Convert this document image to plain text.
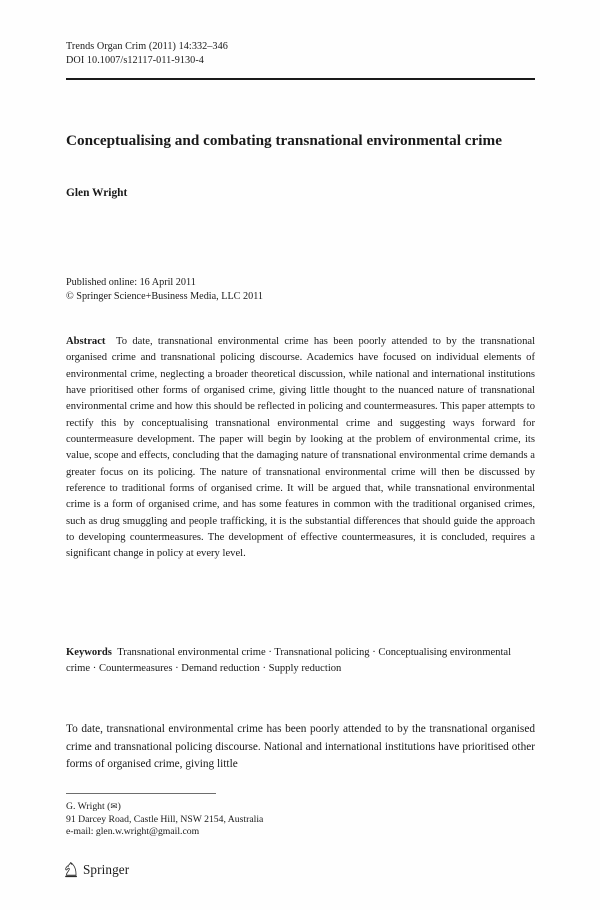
Trends Organ Crim (2011) 14:332–346
DOI 10.1007/s12117-011-9130-4
Conceptualising and combating transnational environmental crime
Glen Wright
Published online: 16 April 2011
© Springer Science+Business Media, LLC 2011
Abstract To date, transnational environmental crime has been poorly attended to by the transnational organised crime and transnational policing discourse. Academics have focused on individual elements of environmental crime, neglecting a broader theoretical discussion, while national and international institutions have prioritised other forms of organised crime, giving little thought to the nuanced nature of transnational environmental crime and how this should be reflected in policing and countermeasures. This paper attempts to rectify this by conceptualising transnational environmental crime and suggesting ways forward for countermeasure development. The paper will begin by looking at the problem of environmental crime, its value, scope and effects, concluding that the damaging nature of transnational environmental crime demands a greater focus on its policing. The nature of transnational environmental crime will then be discussed by reference to traditional forms of organised crime. It will be argued that, while transnational environmental crime is a form of organised crime, and has some features in common with the traditional organised crimes, such as drug smuggling and people trafficking, it is the substantial differences that should guide the approach to developing countermeasures. The development of effective countermeasures, it is concluded, requires a significant change in policy at every level.
Keywords Transnational environmental crime · Transnational policing · Conceptualising environmental crime · Countermeasures · Demand reduction · Supply reduction
To date, transnational environmental crime has been poorly attended to by the transnational organised crime and transnational policing discourse. National and international institutions have prioritised other forms of organised crime, giving little
G. Wright (✉)
91 Darcey Road, Castle Hill, NSW 2154, Australia
e-mail: glen.w.wright@gmail.com
Springer
